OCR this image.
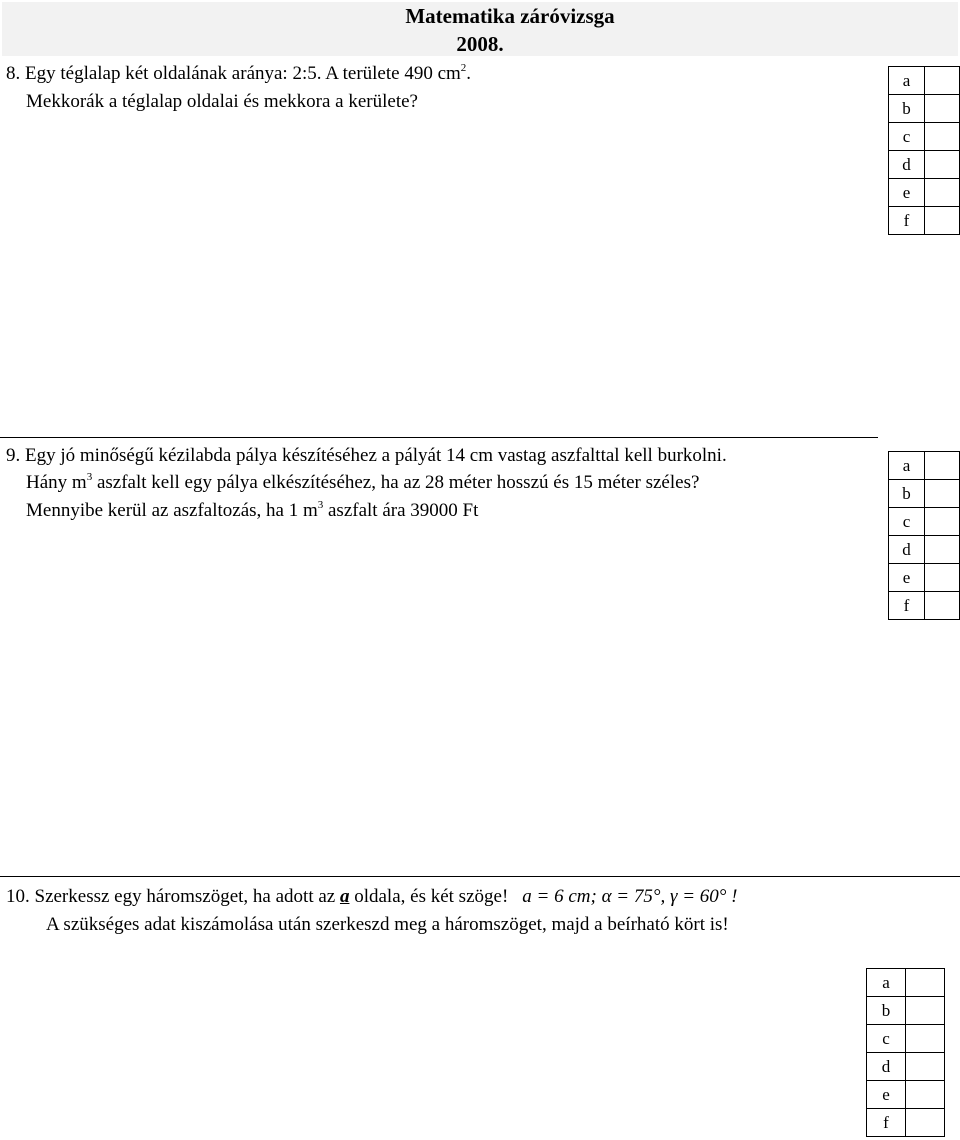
Matematika záróvizsga
2008.
8. Egy téglalap két oldalának aránya: 2:5. A területe 490 $cm^2$.
Mekkorák a téglalap oldalai és mekkora a kerülete?
a	
b	
c	
d	
e	
f	
9. Egy jó minőségű kézilabda pálya készítéséhez a pályát 14 cm vastag aszfalttal kell burkolni.
Hány $m^3$ aszfalt kell egy pálya elkészítéséhez, ha az 28 méter hosszú és 15 méter széles?
Mennyibe kerül az aszfaltozás, ha 1 $m^3$ aszfalt ára 39000 Ft
a	
b	
c	
d	
e	
f	
10. Szerkessz egy háromszöget, ha adott az a oldala, és két szöge! a = 6 cm; α = 75°, γ = 60° !
A szükséges adat kiszámolása után szerkeszd meg a háromszöget, majd a beírható kört is!
a	
b	
c	
d	
e	
f	
